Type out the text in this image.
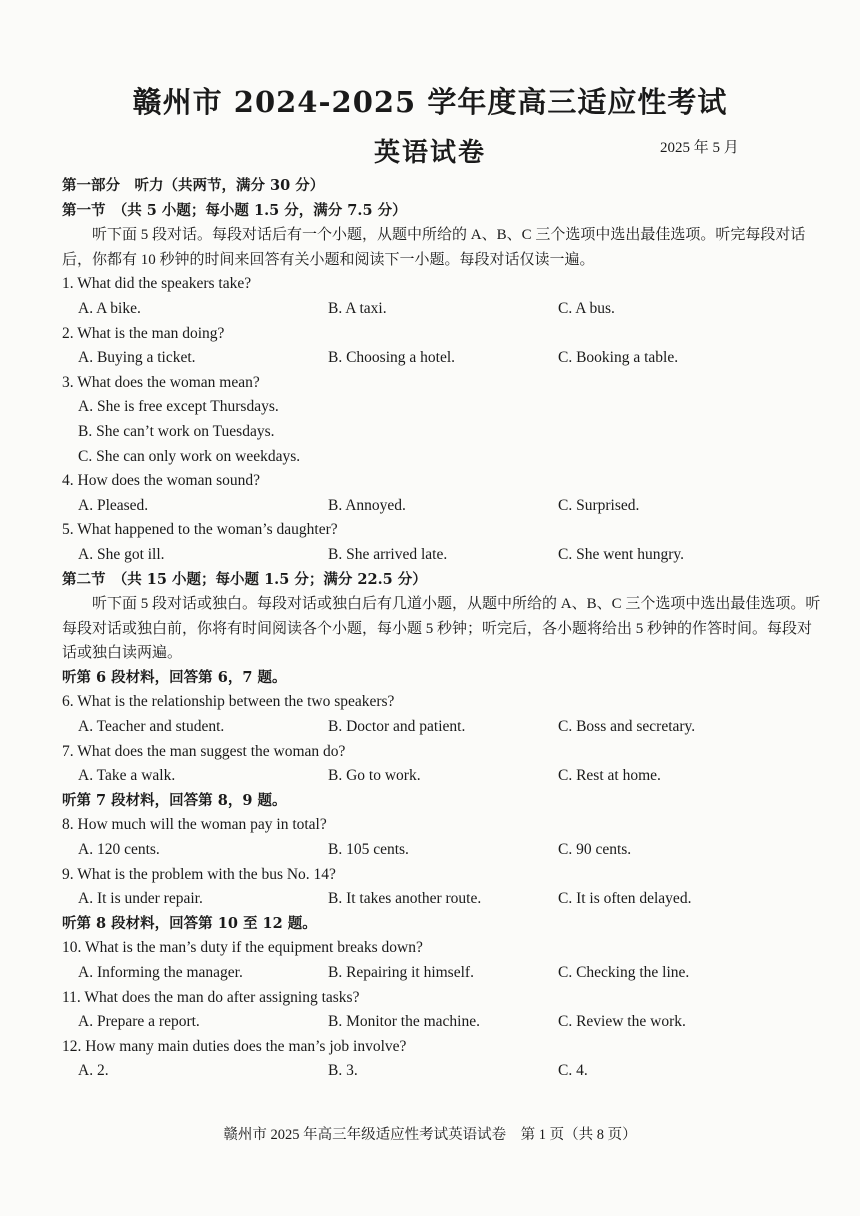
赣州市 2024-2025 学年度高三适应性考试
英语试卷	2025 年 5 月
第一部分　听力（共两节，满分 30 分）
第一节　（共 5 小题；每小题 1.5 分，满分 7.5 分）
听下面 5 段对话。每段对话后有一个小题，从题中所给的 A、B、C 三个选项中选出最佳选项。听完每段对话后，你都有 10 秒钟的时间来回答有关小题和阅读下一小题。每段对话仅读一遍。
1. What did the speakers take?
A. A bike.	B. A taxi.	C. A bus.
2. What is the man doing?
A. Buying a ticket.	B. Choosing a hotel.	C. Booking a table.
3. What does the woman mean?
A. She is free except Thursdays.
B. She can’t work on Tuesdays.
C. She can only work on weekdays.
4. How does the woman sound?
A. Pleased.	B. Annoyed.	C. Surprised.
5. What happened to the woman’s daughter?
A. She got ill.	B. She arrived late.	C. She went hungry.
第二节　（共 15 小题；每小题 1.5 分；满分 22.5 分）
听下面 5 段对话或独白。每段对话或独白后有几道小题，从题中所给的 A、B、C 三个选项中选出最佳选项。听每段对话或独白前，你将有时间阅读各个小题，每小题 5 秒钟；听完后，各小题将给出 5 秒钟的作答时间。每段对话或独白读两遍。
听第 6 段材料，回答第 6，7 题。
6. What is the relationship between the two speakers?
A. Teacher and student.	B. Doctor and patient.	C. Boss and secretary.
7. What does the man suggest the woman do?
A. Take a walk.	B. Go to work.	C. Rest at home.
听第 7 段材料，回答第 8，9 题。
8. How much will the woman pay in total?
A. 120 cents.	B. 105 cents.	C. 90 cents.
9. What is the problem with the bus No. 14?
A. It is under repair.	B. It takes another route.	C. It is often delayed.
听第 8 段材料，回答第 10 至 12 题。
10. What is the man’s duty if the equipment breaks down?
A. Informing the manager.	B. Repairing it himself.	C. Checking the line.
11. What does the man do after assigning tasks?
A. Prepare a report.	B. Monitor the machine.	C. Review the work.
12. How many main duties does the man’s job involve?
A. 2.	B. 3.	C. 4.
赣州市 2025 年高三年级适应性考试英语试卷　第 1 页（共 8 页）
